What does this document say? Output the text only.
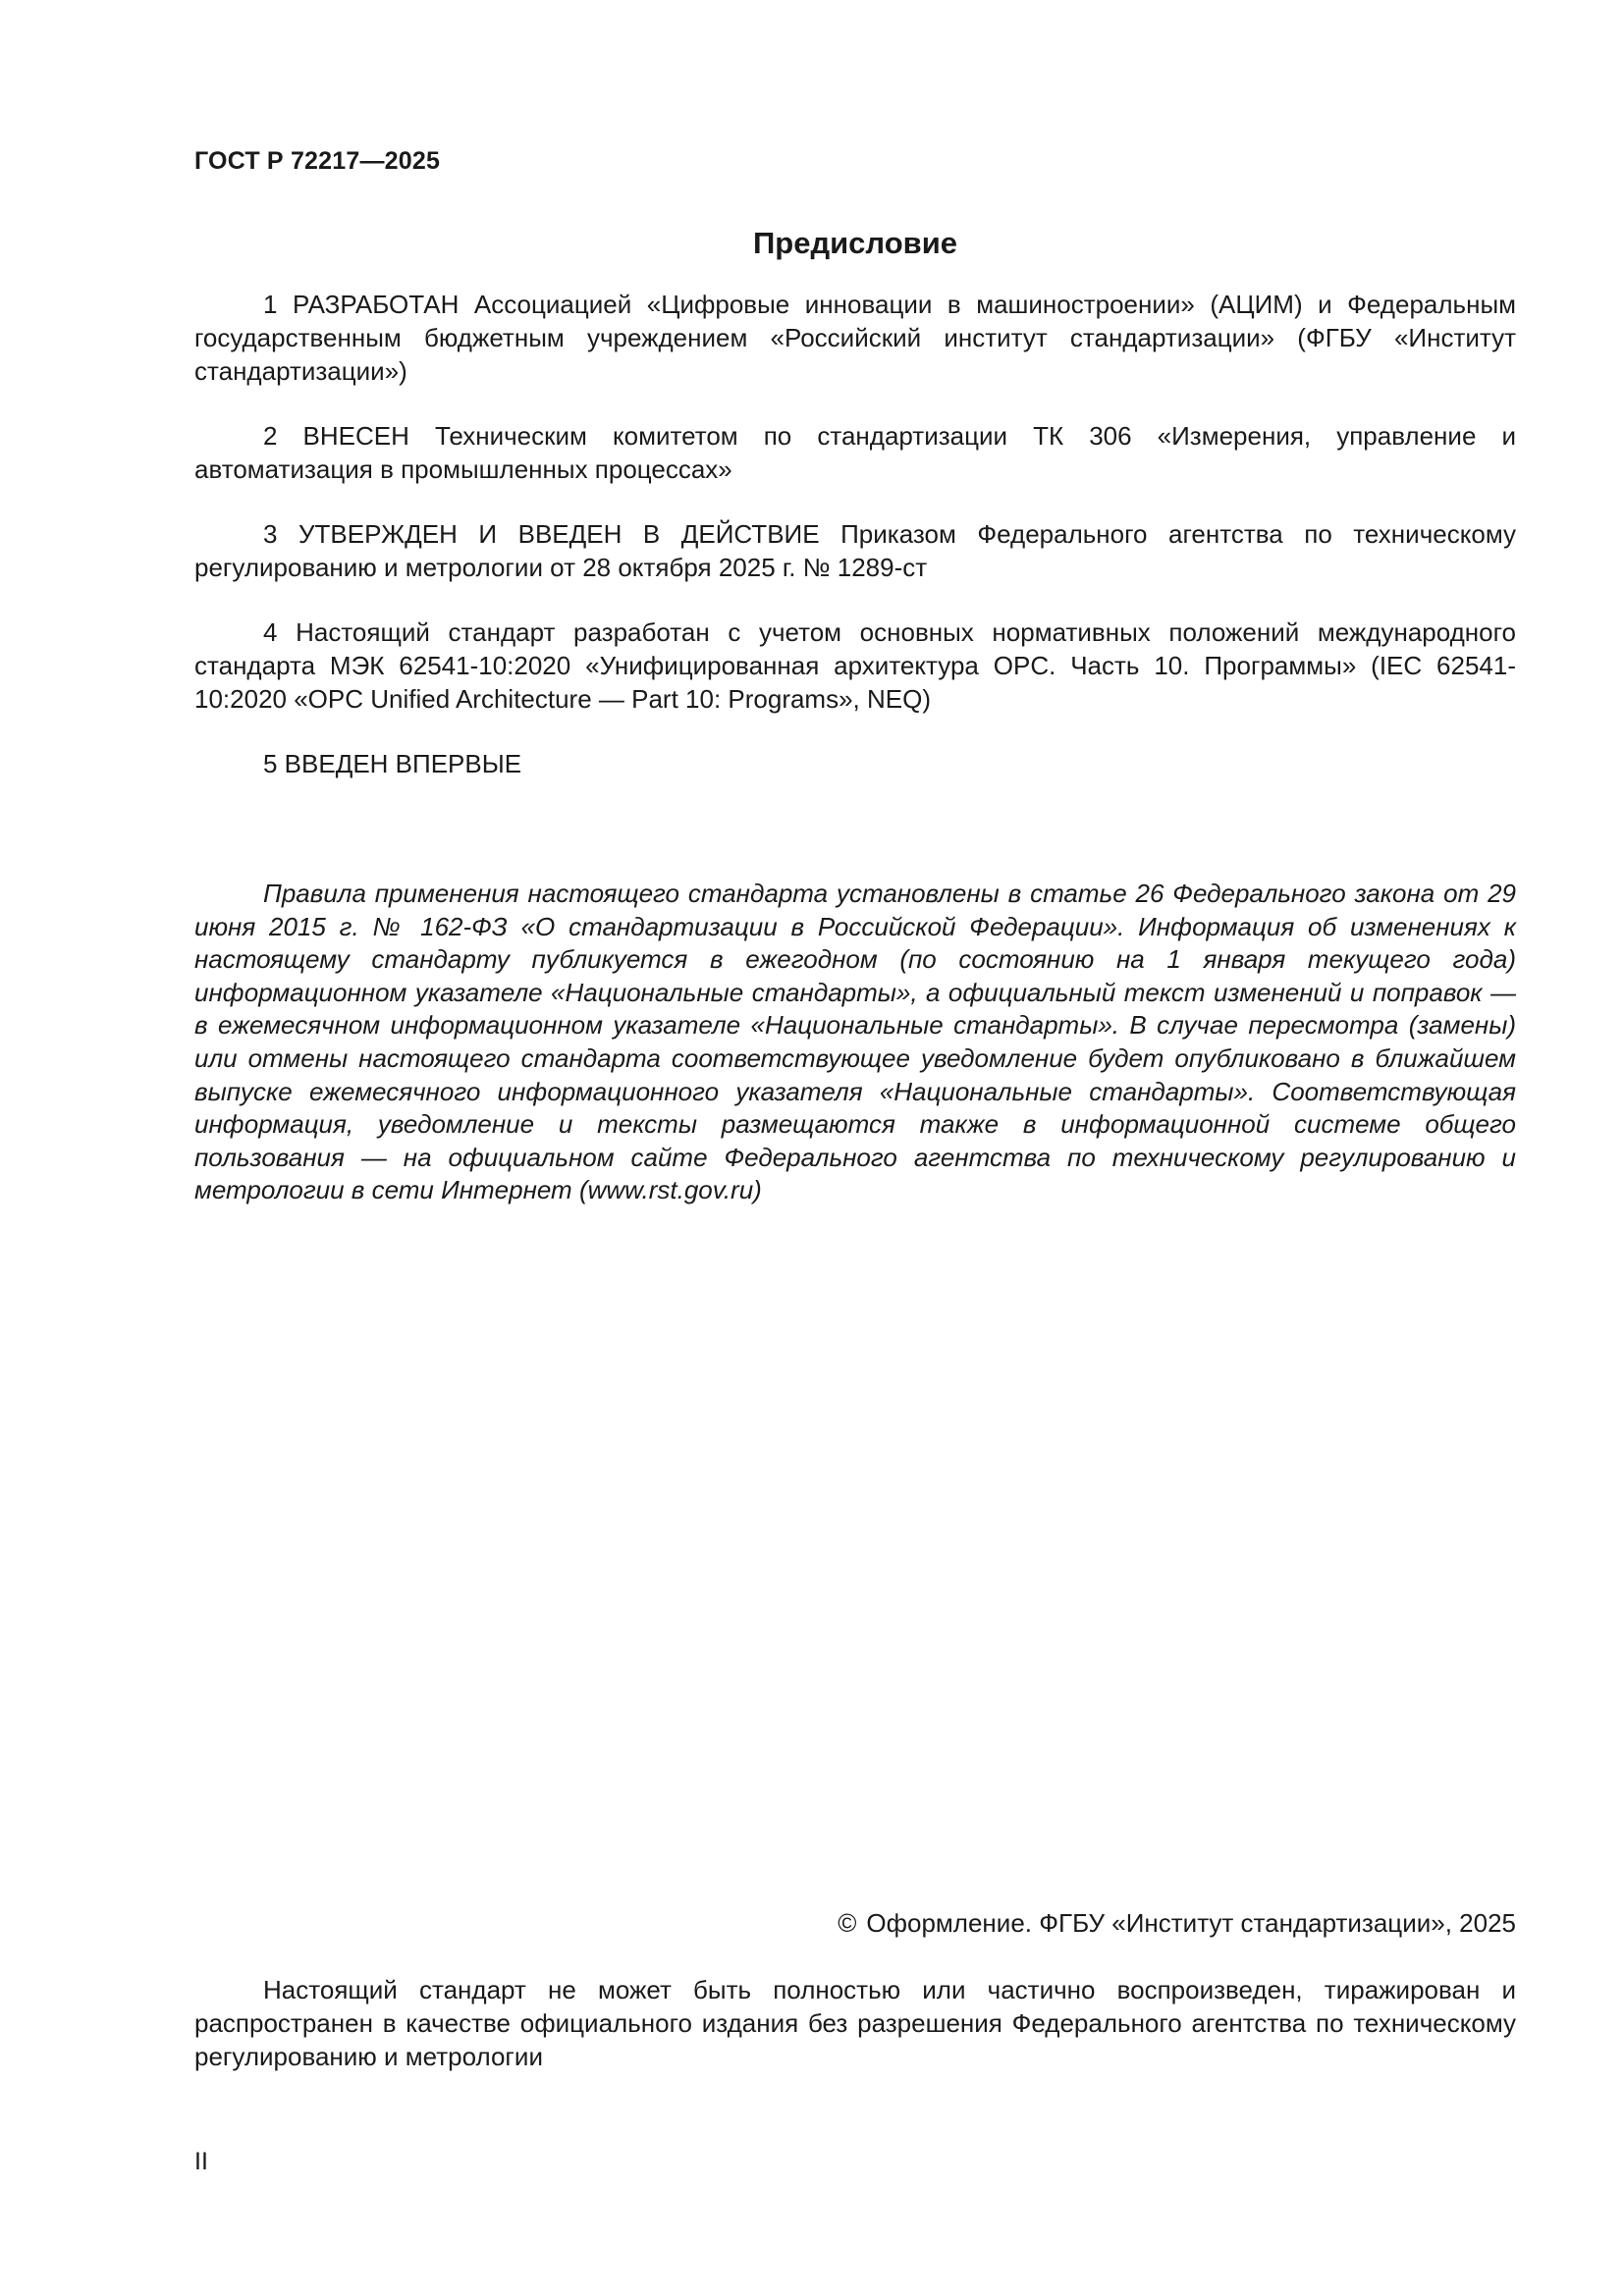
ГОСТ Р 72217—2025
Предисловие

1 РАЗРАБОТАН Ассоциацией «Цифровые инновации в машиностроении» (АЦИМ) и Федеральным государственным бюджетным учреждением «Российский институт стандартизации» (ФГБУ «Институт стандартизации»)

2 ВНЕСЕН Техническим комитетом по стандартизации ТК 306 «Измерения, управление и автоматизация в промышленных процессах»

3 УТВЕРЖДЕН И ВВЕДЕН В ДЕЙСТВИЕ Приказом Федерального агентства по техническому регулированию и метрологии от 28 октября 2025 г. № 1289-ст

4 Настоящий стандарт разработан с учетом основных нормативных положений международного стандарта МЭК 62541-10:2020 «Унифицированная архитектура OPC. Часть 10. Программы» (IEC 62541-10:2020 «OPC Unified Architecture — Part 10: Programs», NEQ)

5 ВВЕДЕН ВПЕРВЫЕ

Правила применения настоящего стандарта установлены в статье 26 Федерального закона от 29 июня 2015 г. № 162-ФЗ «О стандартизации в Российской Федерации». Информация об изменениях к настоящему стандарту публикуется в ежегодном (по состоянию на 1 января текущего года) информационном указателе «Национальные стандарты», а официальный текст изменений и поправок — в ежемесячном информационном указателе «Национальные стандарты». В случае пересмотра (замены) или отмены настоящего стандарта соответствующее уведомление будет опубликовано в ближайшем выпуске ежемесячного информационного указателя «Национальные стандарты». Соответствующая информация, уведомление и тексты размещаются также в информационной системе общего пользования — на официальном сайте Федерального агентства по техническому регулированию и метрологии в сети Интернет (www.rst.gov.ru)

© Оформление. ФГБУ «Институт стандартизации», 2025

Настоящий стандарт не может быть полностью или частично воспроизведен, тиражирован и распространен в качестве официального издания без разрешения Федерального агентства по техническому регулированию и метрологии

II
